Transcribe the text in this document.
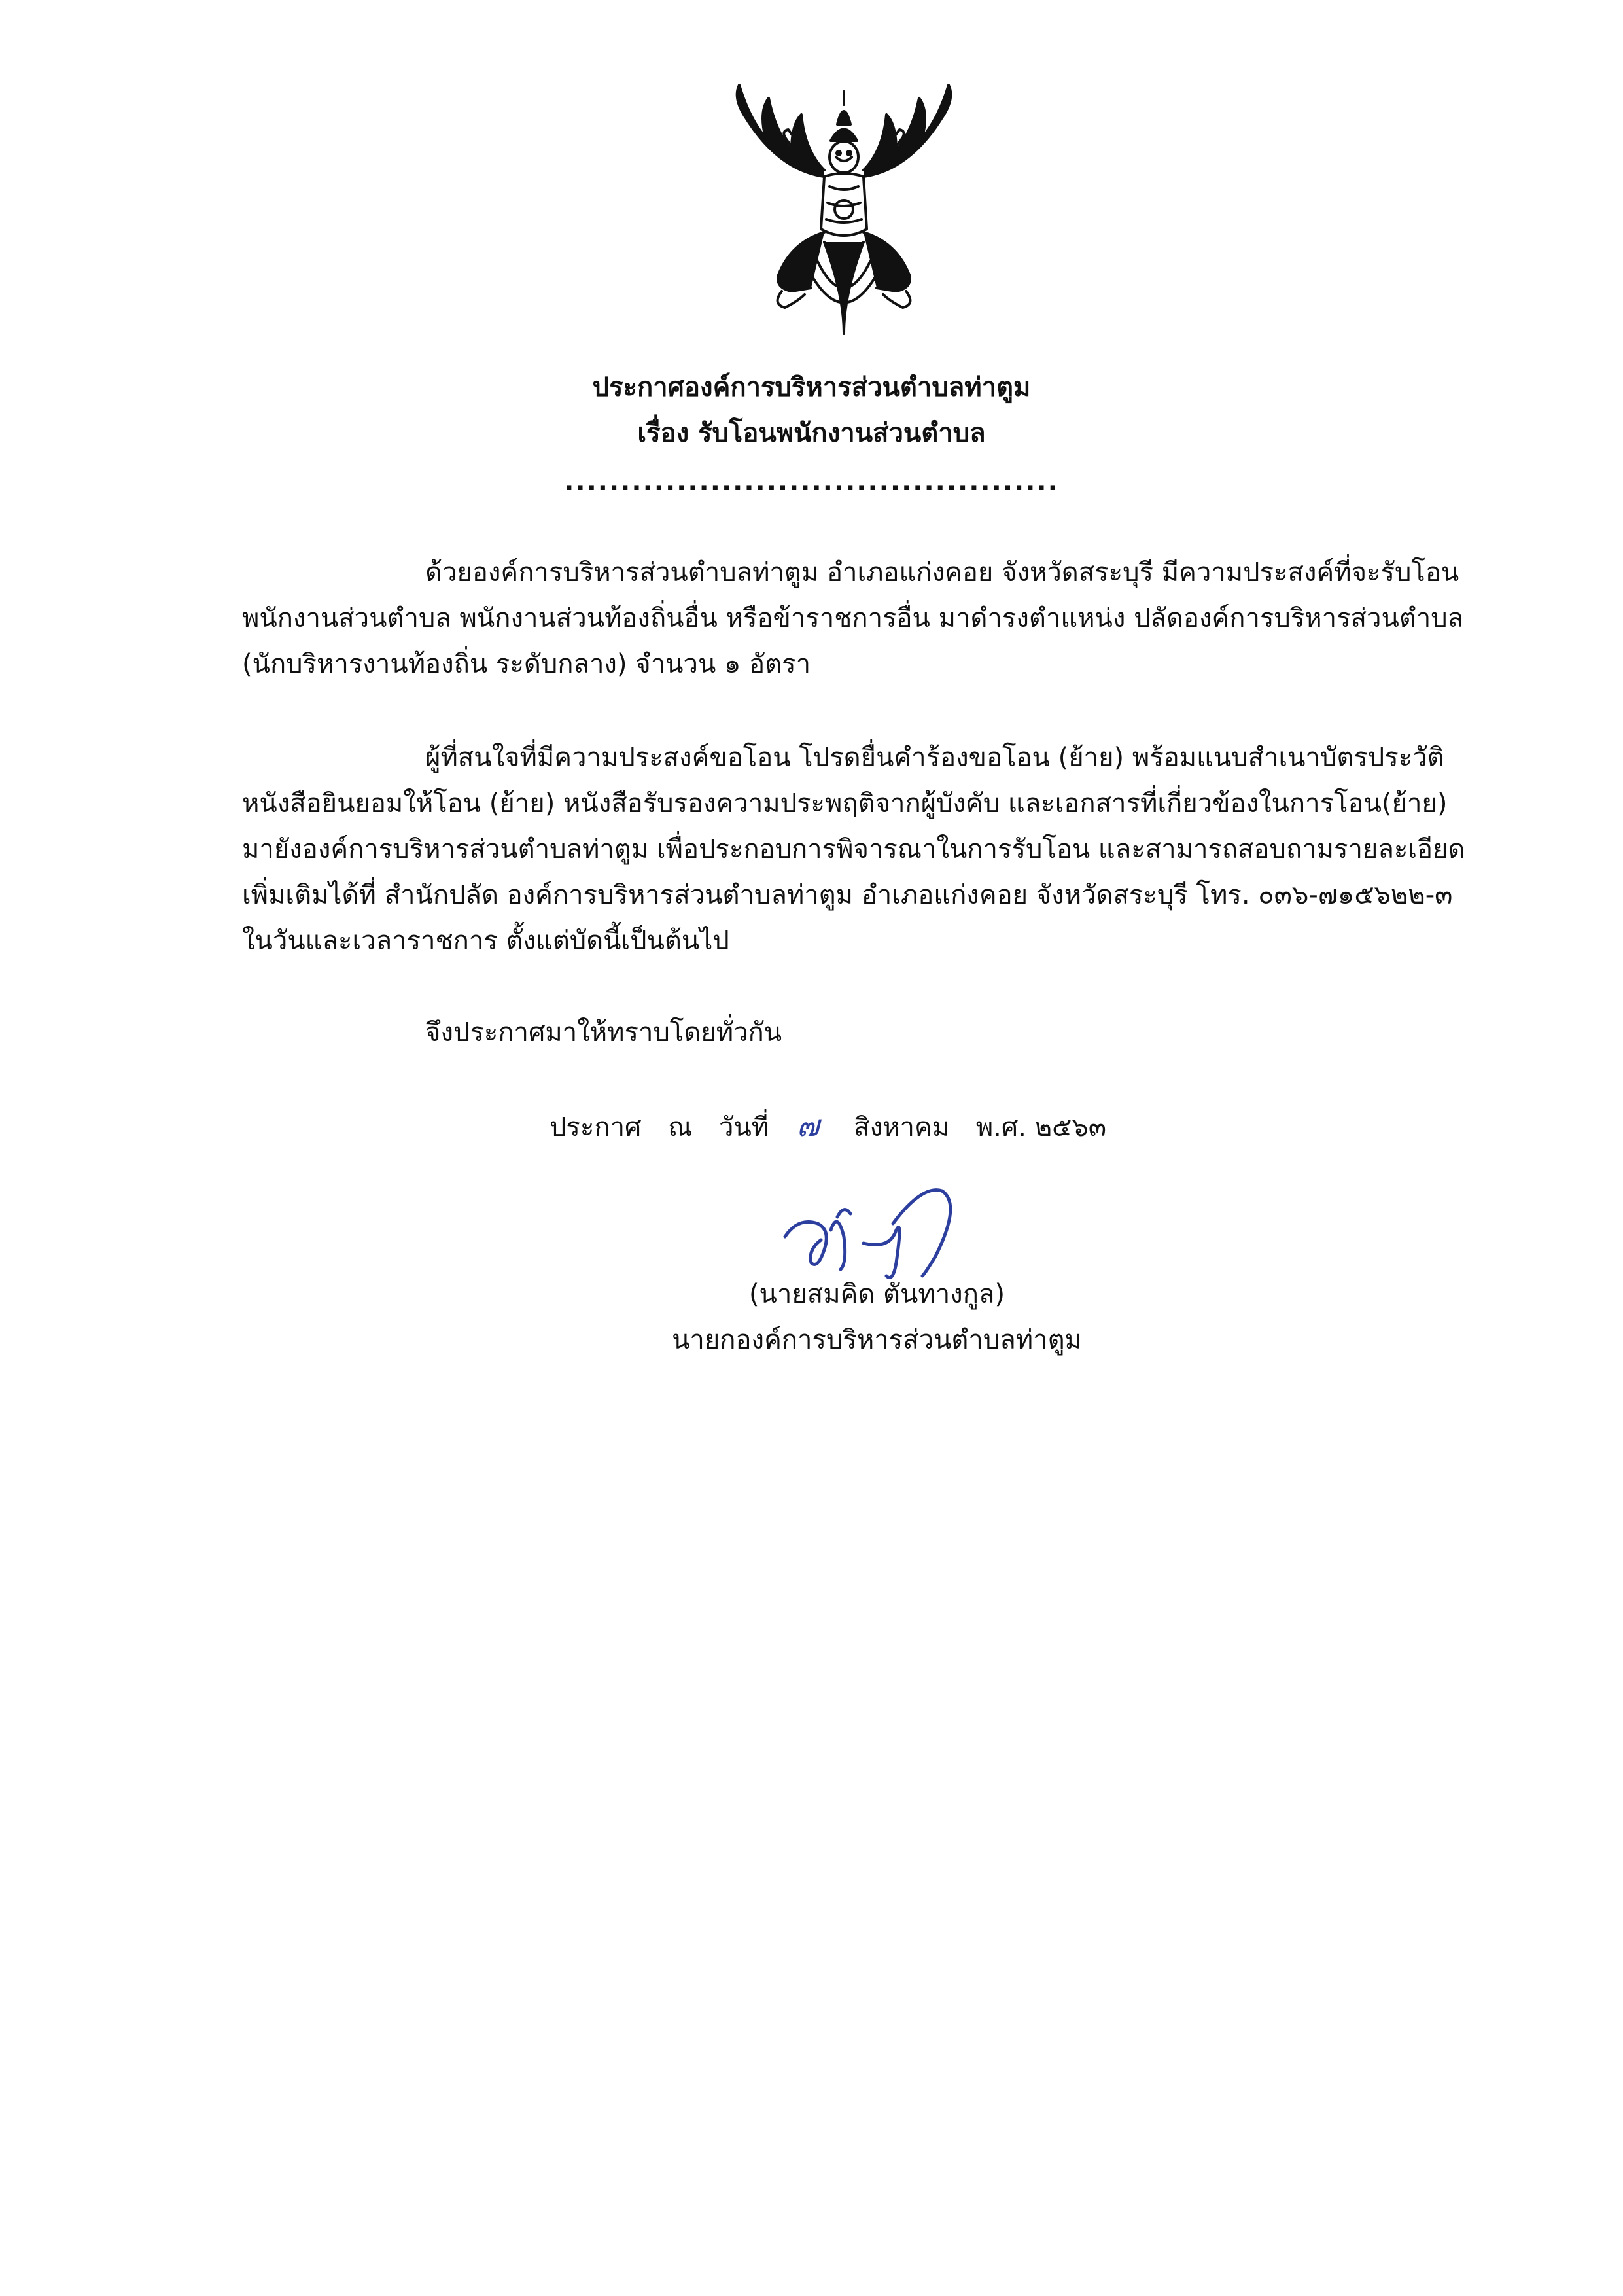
ประกาศองค์การบริหารส่วนตำบลท่าตูม
เรื่อง รับโอนพนักงานส่วนตำบล
............................................
ด้วยองค์การบริหารส่วนตำบลท่าตูม อำเภอแก่งคอย จังหวัดสระบุรี มีความประสงค์ที่จะรับโอน
พนักงานส่วนตำบล พนักงานส่วนท้องถิ่นอื่น หรือข้าราชการอื่น มาดำรงตำแหน่ง ปลัดองค์การบริหารส่วนตำบล
(นักบริหารงานท้องถิ่น ระดับกลาง) จำนวน ๑ อัตรา
ผู้ที่สนใจที่มีความประสงค์ขอโอน โปรดยื่นคำร้องขอโอน (ย้าย) พร้อมแนบสำเนาบัตรประวัติ
หนังสือยินยอมให้โอน (ย้าย) หนังสือรับรองความประพฤติจากผู้บังคับ และเอกสารที่เกี่ยวข้องในการโอน(ย้าย)
มายังองค์การบริหารส่วนตำบลท่าตูม เพื่อประกอบการพิจารณาในการรับโอน และสามารถสอบถามรายละเอียด
เพิ่มเติมได้ที่ สำนักปลัด องค์การบริหารส่วนตำบลท่าตูม อำเภอแก่งคอย จังหวัดสระบุรี โทร. ๐๓๖-๗๑๕๖๒๒-๓
ในวันและเวลาราชการ ตั้งแต่บัดนี้เป็นต้นไป
จึงประกาศมาให้ทราบโดยทั่วกัน
ประกาศ ณ วันที่ ๗ สิงหาคม พ.ศ. ๒๕๖๓
(นายสมคิด ตันทางกูล)
นายกองค์การบริหารส่วนตำบลท่าตูม
